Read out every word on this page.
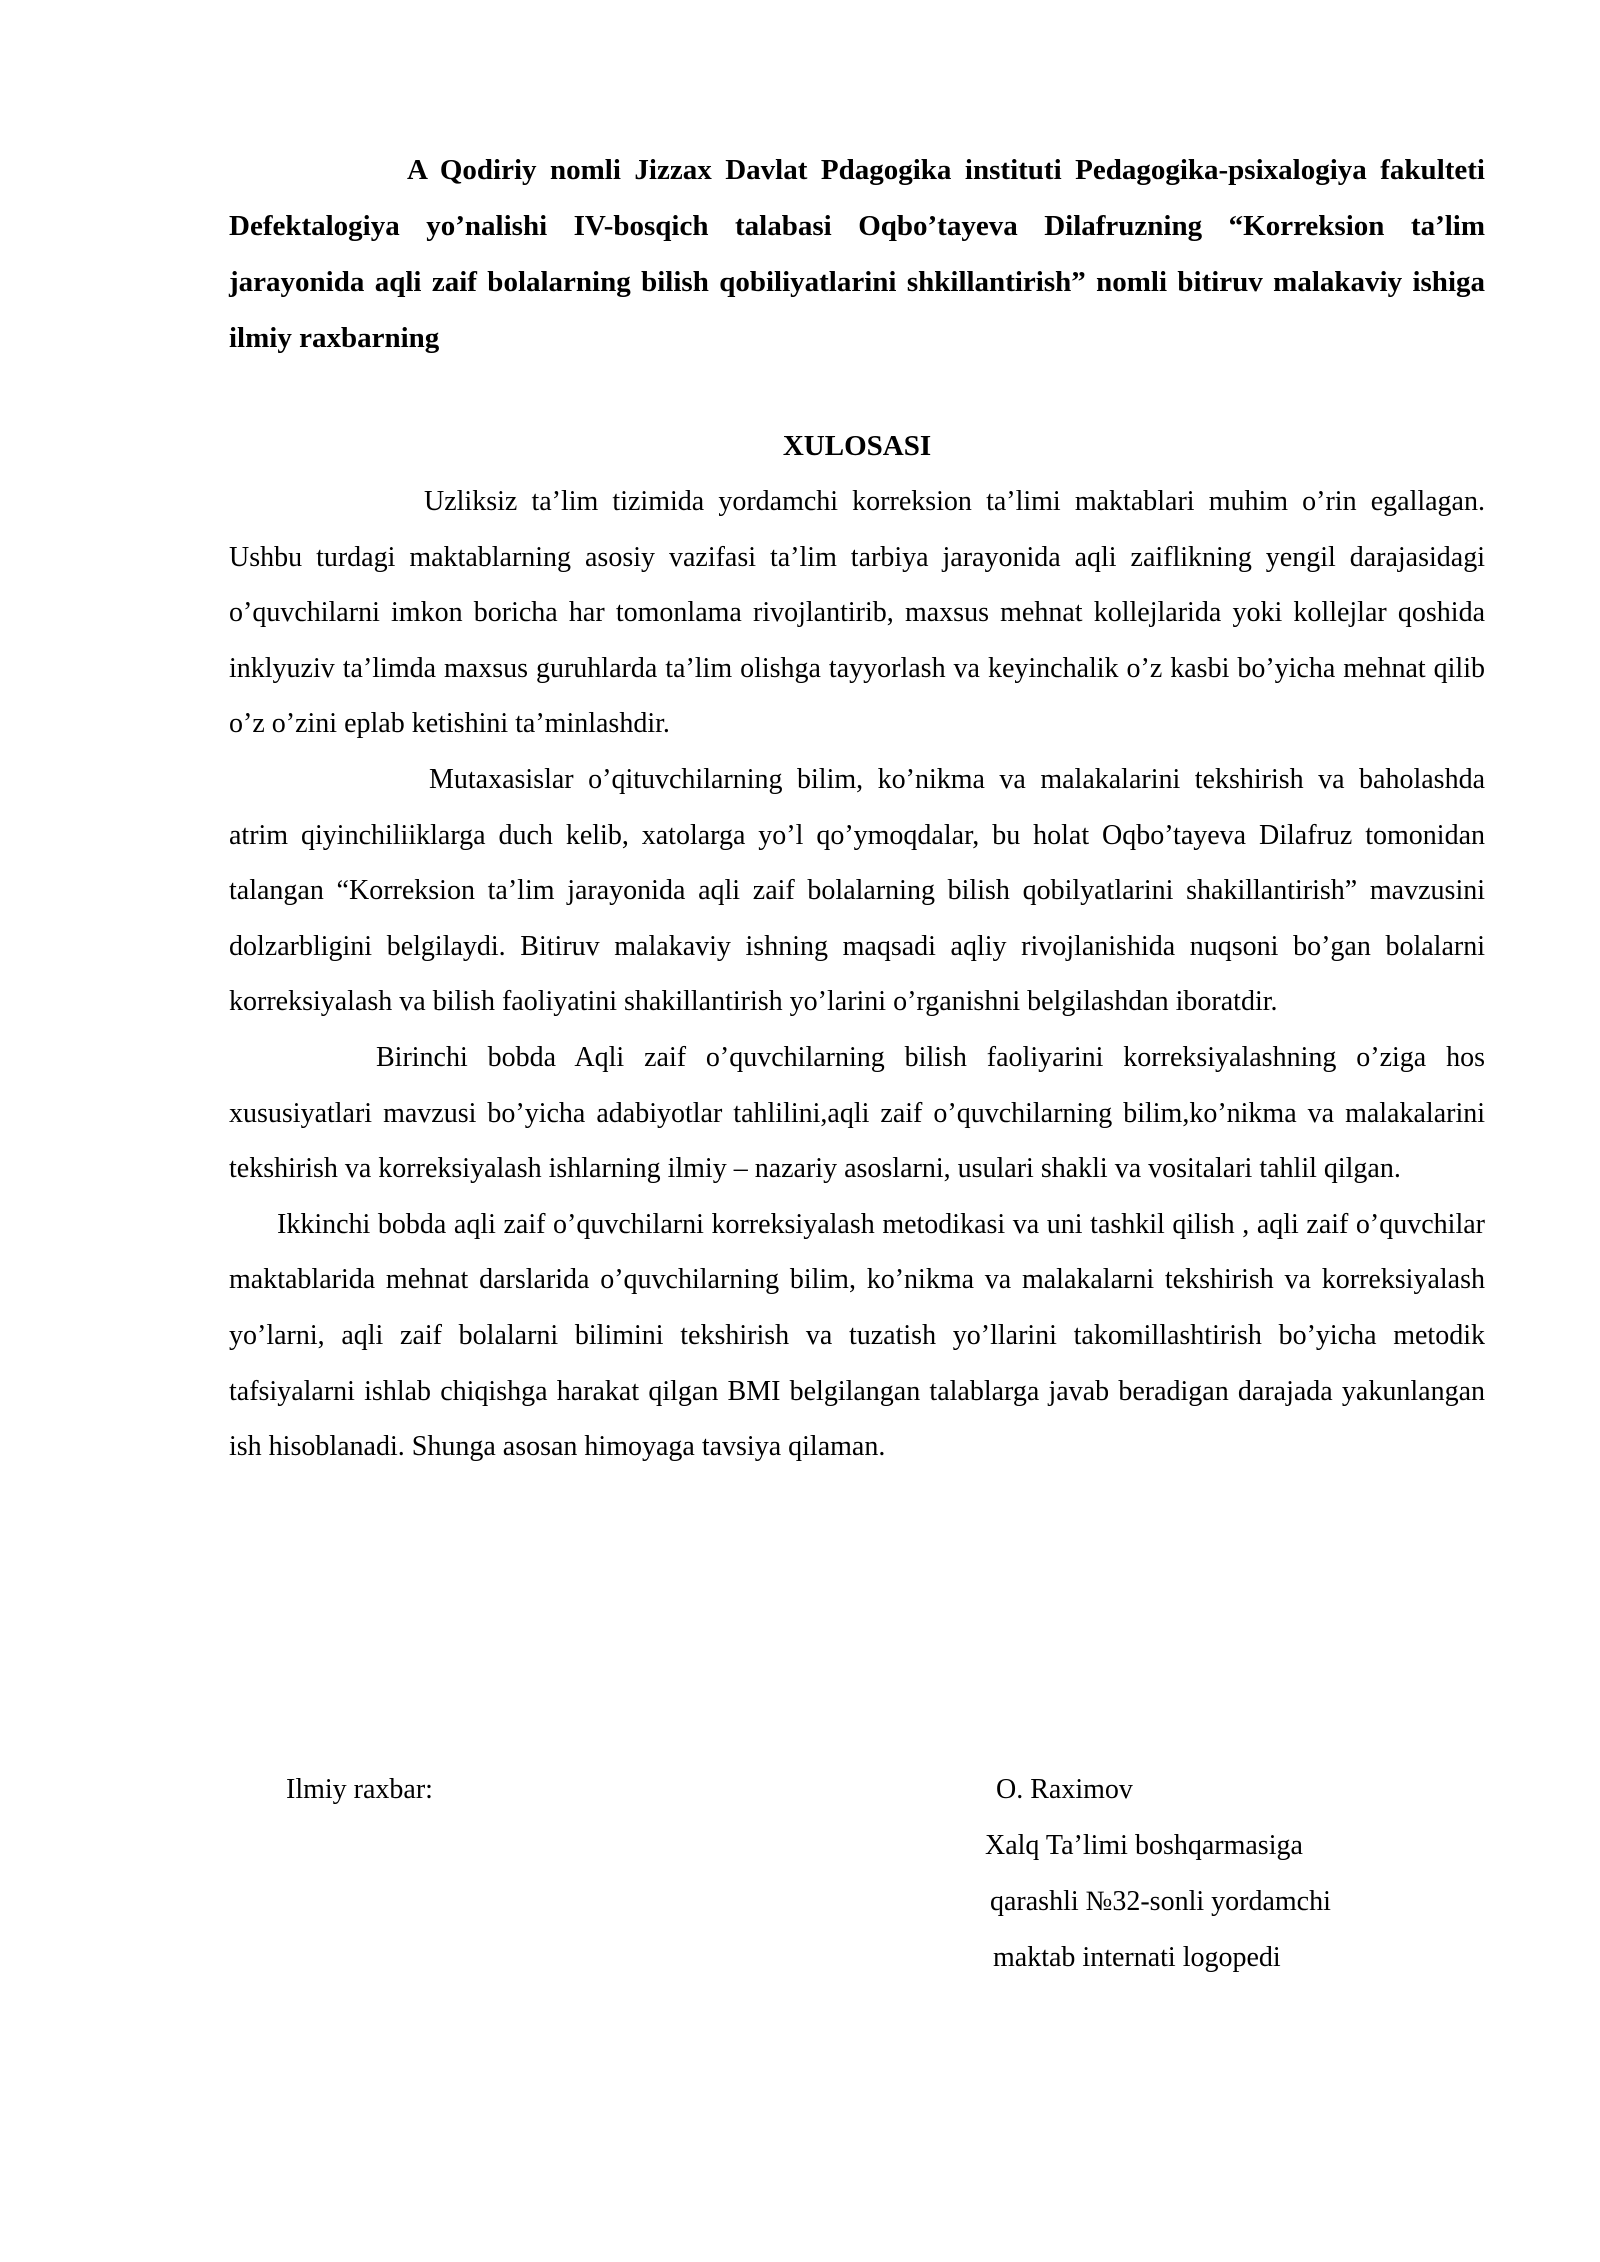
A Qodiriy nomli Jizzax Davlat Pdagogika instituti Pedagogika-psixalogiya fakulteti Defektalogiya yo’nalishi IV-bosqich talabasi Oqbo’tayeva Dilafruzning “Korreksion ta’lim jarayonida aqli zaif bolalarning bilish qobiliyatlarini shkillantirish” nomli bitiruv malakaviy ishiga ilmiy raxbarning

XULOSASI

Uzliksiz ta’lim tizimida yordamchi korreksion ta’limi maktablari muhim o’rin egallagan. Ushbu turdagi maktablarning asosiy vazifasi ta’lim tarbiya jarayonida aqli zaiflikning yengil darajasidagi o’quvchilarni imkon boricha har tomonlama rivojlantirib, maxsus mehnat kollejlarida yoki kollejlar qoshida inklyuziv ta’limda maxsus guruhlarda ta’lim olishga tayyorlash va keyinchalik o’z kasbi bo’yicha mehnat qilib o’z o’zini eplab ketishini ta’minlashdir.

Mutaxasislar o’qituvchilarning bilim, ko’nikma va malakalarini tekshirish va baholashda atrim qiyinchiliiklarga duch kelib, xatolarga yo’l qo’ymoqdalar, bu holat Oqbo’tayeva Dilafruz tomonidan talangan “Korreksion ta’lim jarayonida aqli zaif bolalarning bilish qobilyatlarini shakillantirish” mavzusini dolzarbligini belgilaydi. Bitiruv malakaviy ishning maqsadi aqliy rivojlanishida nuqsoni bo’gan bolalarni korreksiyalash va bilish faoliyatini shakillantirish yo’larini o’rganishni belgilashdan iboratdir.

Birinchi bobda Aqli zaif o’quvchilarning bilish faoliyarini korreksiyalashning o’ziga hos xususiyatlari mavzusi bo’yicha adabiyotlar tahlilini,aqli zaif o’quvchilarning bilim,ko’nikma va malakalarini tekshirish va korreksiyalash ishlarning ilmiy – nazariy asoslarni, usulari shakli va vositalari tahlil qilgan.

Ikkinchi bobda aqli zaif o’quvchilarni korreksiyalash metodikasi va uni tashkil qilish , aqli zaif o’quvchilar maktablarida mehnat darslarida o’quvchilarning bilim, ko’nikma va malakalarni tekshirish va korreksiyalash yo’larni, aqli zaif bolalarni bilimini tekshirish va tuzatish yo’llarini takomillashtirish bo’yicha metodik tafsiyalarni ishlab chiqishga harakat qilgan BMI belgilangan talablarga javab beradigan darajada yakunlangan ish hisoblanadi. Shunga asosan himoyaga tavsiya qilaman.

Ilmiy raxbar:	O. Raximov
Xalq Ta’limi boshqarmasiga
qarashli №32-sonli yordamchi
maktab internati logopedi
